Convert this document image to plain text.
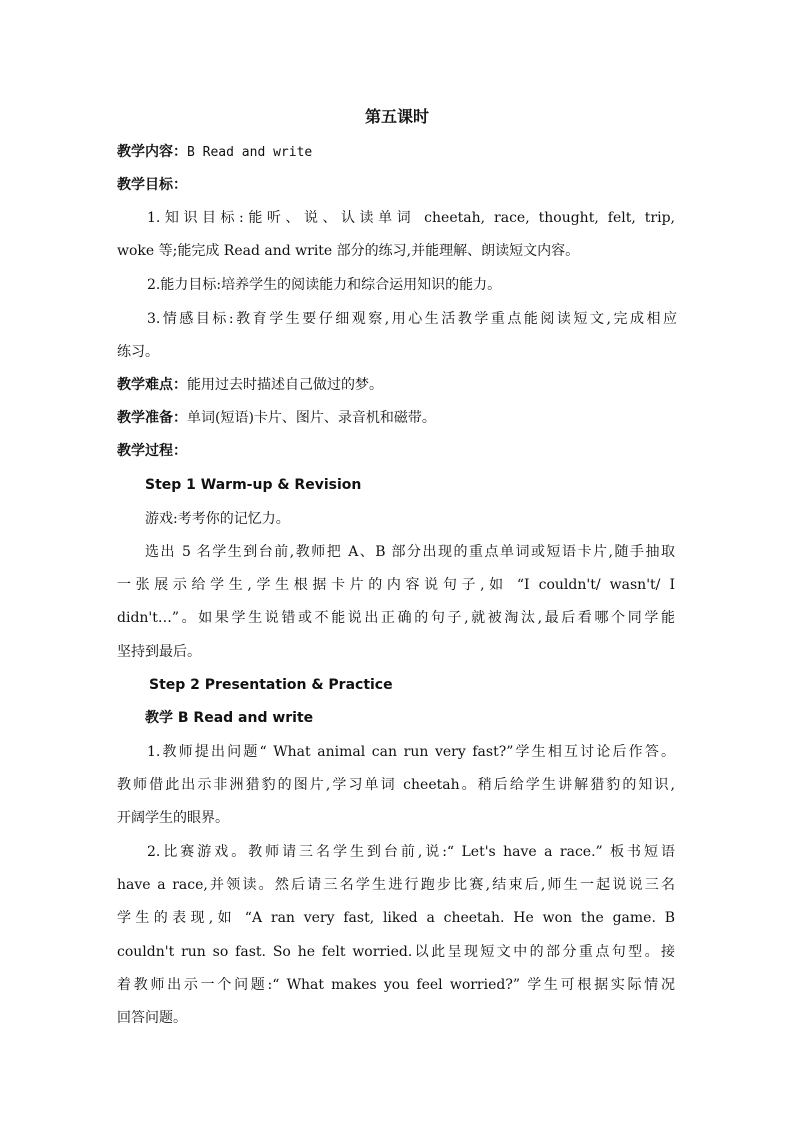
第五课时
教学内容：B Read and write
教学目标：
1.知识目标:能听、说、认读单词 cheetah, race, thought, felt, trip,
woke 等;能完成 Read and write 部分的练习,并能理解、朗读短文内容。
2.能力目标:培养学生的阅读能力和综合运用知识的能力。
3.情感目标:教育学生要仔细观察,用心生活教学重点能阅读短文,完成相应
练习。
教学难点：能用过去时描述自己做过的梦。
教学准备：单词(短语)卡片、图片、录音机和磁带。
教学过程：
Step 1 Warm-up & Revision
游戏:考考你的记忆力。
选出 5 名学生到台前,教师把 A、B 部分出现的重点单词或短语卡片,随手抽取
一张展示给学生,学生根据卡片的内容说句子,如 “I couldn't/ wasn't/ I
didn't…”。如果学生说错或不能说出正确的句子,就被淘汰,最后看哪个同学能
坚持到最后。
Step 2 Presentation & Practice
教学 B Read and write
1.教师提出问题“ What animal can run very fast?”学生相互讨论后作答。
教师借此出示非洲猎豹的图片,学习单词 cheetah。稍后给学生讲解猎豹的知识,
开阔学生的眼界。
2.比赛游戏。教师请三名学生到台前,说:“ Let's have a race.” 板书短语
have a race,并领读。然后请三名学生进行跑步比赛,结束后,师生一起说说三名
学生的表现,如 “A ran very fast, liked a cheetah. He won the game. B
couldn't run so fast. So he felt worried.以此呈现短文中的部分重点句型。接
着教师出示一个问题:“ What makes you feel worried?” 学生可根据实际情况
回答问题。
